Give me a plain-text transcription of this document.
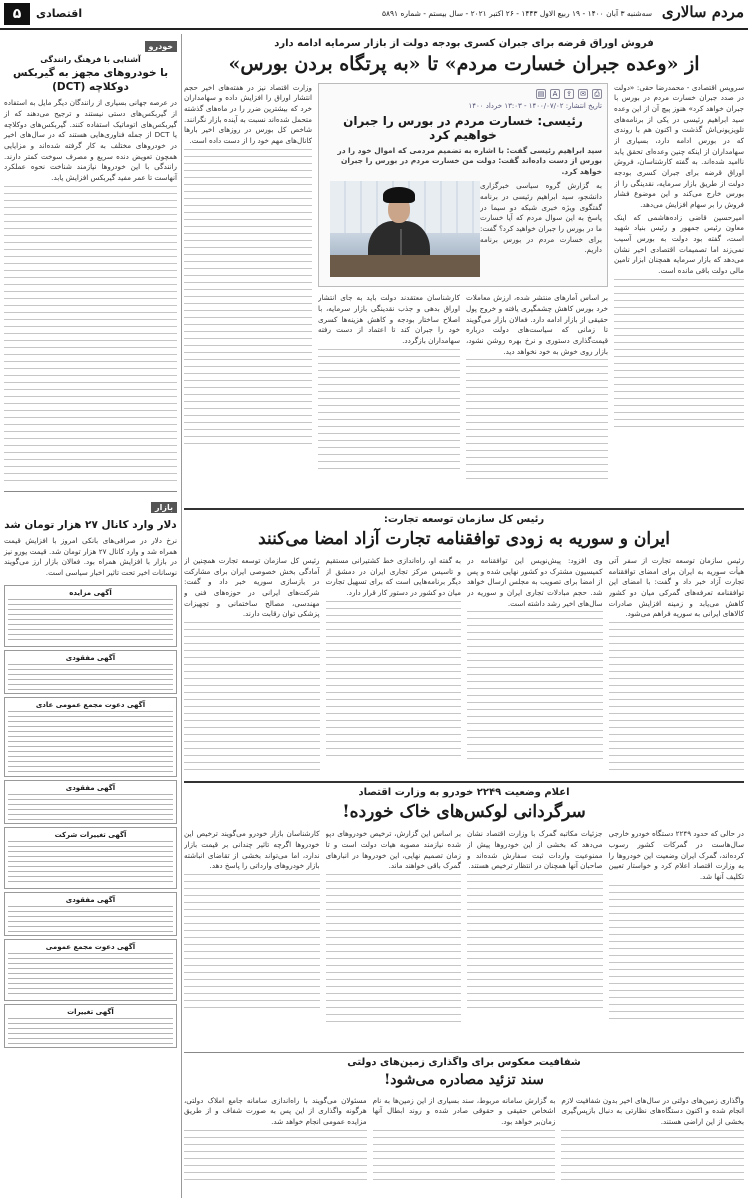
مردم سالاری
سه‌شنبه ۳ آبان ۱۴۰۰ - ۱۹ ربیع الاول ۱۴۴۳ - ۲۶ اکتبر ۲۰۲۱ - سال بیستم - شماره ۵۸۹۱
اقتصادی
۵
فروش اوراق قرضه برای جبران کسری بودجه دولت از بازار سرمایه ادامه دارد
از «وعده جبران خسارت مردم» تا «به پرتگاه بردن بورس»

سرویس اقتصادی - محمدرضا حقی: «دولت در صدد جبران خسارت مردم در بورس با جبران خواهد کرد» هنوز پیچ آن از این وعده سید ابراهیم رئیسی در یکی از برنامه‌های تلویزیونی‌اش گذشت و اکنون هم با روندی که در بورس ادامه دارد، بسیاری از سهامداران از اینکه چنین وعده‌ای تحقق یابد ناامید شده‌اند. به گفته کارشناسان، فروش اوراق قرضه برای جبران کسری بودجه دولت از طریق بازار سرمایه، نقدینگی را از بورس خارج می‌کند و این موضوع فشار فروش را بر سهام افزایش می‌دهد.

امیرحسین قاضی زاده‌هاشمی که اینک معاون رئیس جمهور و رئیس بنیاد شهید است، گفته بود دولت به بورس آسیب نمی‌زند اما تصمیمات اقتصادی اخیر نشان می‌دهد که بازار سرمایه همچنان ابزار تامین مالی دولت باقی مانده است.

⎙
✉
⇪
A
▤
تاریخ انتشار: ۱۴۰۰/۰۷/۰۲ - ۱۳:۰۳ خرداد ۱۴۰۰
رئیسی: خسارت مردم در بورس را جبران خواهیم کرد
سید ابراهیم رئیسی گفت: با اشاره به تضمیم مردمی که اموال خود را در بورس از دست داده‌اند گفت: دولت من خسارت مردم در بورس را جبران خواهد کرد.
به گزارش گروه سیاسی خبرگزاری دانشجو، سید ابراهیم رئیسی در برنامه گفتگوی ویژه خبری شبکه دو سیما در پاسخ به این سوال مردم که آیا خسارت ما در بورس را جبران خواهید کرد؟ گفت: برای خسارت مردم در بورس برنامه داریم.

بر اساس آمارهای منتشر شده، ارزش معاملات خرد بورس کاهش چشمگیری یافته و خروج پول حقیقی از بازار ادامه دارد. فعالان بازار می‌گویند تا زمانی که سیاست‌های دولت درباره قیمت‌گذاری دستوری و نرخ بهره روشن نشود، بازار روی خوش به خود نخواهد دید.

کارشناسان معتقدند دولت باید به جای انتشار اوراق بدهی و جذب نقدینگی بازار سرمایه، با اصلاح ساختار بودجه و کاهش هزینه‌ها کسری خود را جبران کند تا اعتماد از دست رفته سهامداران بازگردد.

وزارت اقتصاد نیز در هفته‌های اخیر حجم انتشار اوراق را افزایش داده و سهامداران خرد که بیشترین ضرر را در ماه‌های گذشته متحمل شده‌اند نسبت به آینده بازار نگرانند. شاخص کل بورس در روزهای اخیر بارها کانال‌های مهم خود را از دست داده است.

رئیس کل سازمان توسعه تجارت:
ایران و سوریه به زودی توافقنامه تجارت آزاد امضا می‌کنند

رئیس سازمان توسعه تجارت از سفر آتی هیأت سوریه به ایران برای امضای توافقنامه تجارت آزاد خبر داد و گفت: با امضای این توافقنامه تعرفه‌های گمرکی میان دو کشور کاهش می‌یابد و زمینه افزایش صادرات کالاهای ایرانی به سوریه فراهم می‌شود.

وی افزود: پیش‌نویس این توافقنامه در کمیسیون مشترک دو کشور نهایی شده و پس از امضا برای تصویب به مجلس ارسال خواهد شد. حجم مبادلات تجاری ایران و سوریه در سال‌های اخیر رشد داشته است.

به گفته او، راه‌اندازی خط کشتیرانی مستقیم و تاسیس مرکز تجاری ایران در دمشق از دیگر برنامه‌هایی است که برای تسهیل تجارت میان دو کشور در دستور کار قرار دارد.

رئیس کل سازمان توسعه تجارت همچنین از آمادگی بخش خصوصی ایران برای مشارکت در بازسازی سوریه خبر داد و گفت: شرکت‌های ایرانی در حوزه‌های فنی و مهندسی، مصالح ساختمانی و تجهیزات پزشکی توان رقابت دارند.

اعلام وضعیت ۲۲۴۹ خودرو به وزارت اقتصاد
سرگردانی لوکس‌های خاک‌ خورده!

در حالی که حدود ۲۲۴۹ دستگاه خودرو خارجی سال‌هاست در گمرکات کشور رسوب کرده‌اند، گمرک ایران وضعیت این خودروها را به وزارت اقتصاد اعلام کرد و خواستار تعیین تکلیف آنها شد.

جزئیات مکاتبه گمرک با وزارت اقتصاد نشان می‌دهد که بخشی از این خودروها پیش از ممنوعیت واردات ثبت سفارش شده‌اند و صاحبان آنها همچنان در انتظار ترخیص هستند.

بر اساس این گزارش، ترخیص خودروهای دپو شده نیازمند مصوبه هیات دولت است و تا زمان تصمیم نهایی، این خودروها در انبارهای گمرک باقی خواهند ماند.

کارشناسان بازار خودرو می‌گویند ترخیص این خودروها اگرچه تاثیر چندانی بر قیمت بازار ندارد، اما می‌تواند بخشی از تقاضای انباشته بازار خودروهای وارداتی را پاسخ دهد.

شفافیت معکوس برای واگذاری زمین‌های دولتی
سند تزئید مصادره می‌شود!

واگذاری زمین‌های دولتی در سال‌های اخیر بدون شفافیت لازم انجام شده و اکنون دستگاه‌های نظارتی به دنبال بازپس‌گیری بخشی از این اراضی هستند.

به گزارش سامانه مربوط، سند بسیاری از این زمین‌ها به نام اشخاص حقیقی و حقوقی صادر شده و روند ابطال آنها زمان‌بر خواهد بود.

مسئولان می‌گویند با راه‌اندازی سامانه جامع املاک دولتی، هرگونه واگذاری از این پس به صورت شفاف و از طریق مزایده عمومی انجام خواهد شد.

خودرو
آشنایی با فرهنگ رانندگی
با خودروهای مجهز به گیربکس دوکلاچه (DCT)
در عرصه جهانی بسیاری از رانندگان دیگر مایل به استفاده از گیربکس‌های دستی نیستند و ترجیح می‌دهند که از گیربکس‌های اتوماتیک استفاده کنند. گیربکس‌های دوکلاچه یا DCT از جمله فناوری‌هایی هستند که در سال‌های اخیر در خودروهای مختلف به کار گرفته شده‌اند و مزایایی همچون تعویض دنده سریع و مصرف سوخت کمتر دارند. رانندگی با این خودروها نیازمند شناخت نحوه عملکرد آنهاست تا عمر مفید گیربکس افزایش یابد.
بازار
دلار وارد کانال ۲۷ هزار تومان شد
نرخ دلار در صرافی‌های بانکی امروز با افزایش قیمت همراه شد و وارد کانال ۲۷ هزار تومان شد. قیمت یورو نیز در بازار با افزایش همراه بود. فعالان بازار ارز می‌گویند نوسانات اخیر تحت تاثیر اخبار سیاسی است.
آگهی مزایده
آگهی مفقودی
آگهی دعوت مجمع عمومی عادی
آگهی مفقودی
آگهی تغییرات شرکت
آگهی مفقودی
آگهی دعوت مجمع عمومی
آگهی تغییرات
